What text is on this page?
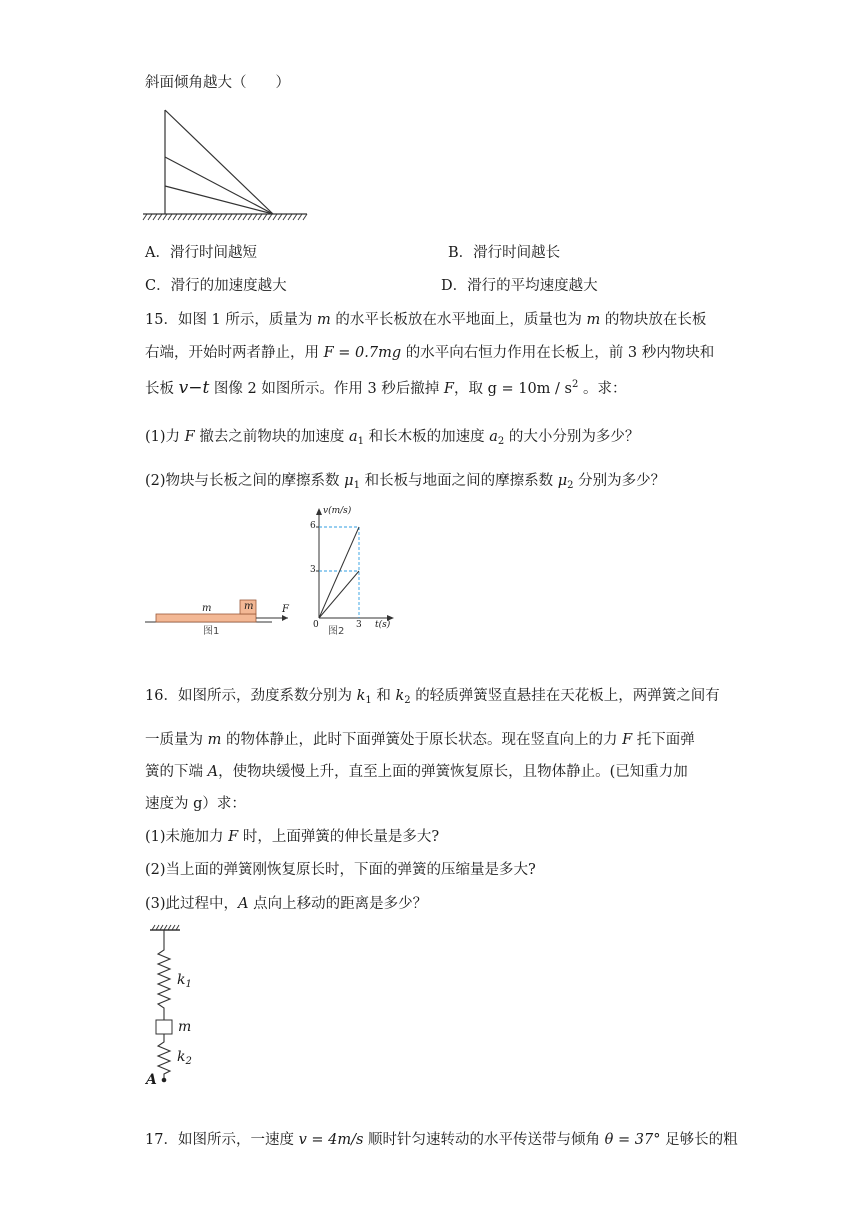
斜面倾角越大（　　）
A．滑行时间越短	B．滑行时间越长
C．滑行的加速度越大	D．滑行的平均速度越大
15．如图 1 所示，质量为 m 的水平长板放在水平地面上，质量也为 m 的物块放在长板
右端，开始时两者静止，用 F = 0.7mg 的水平向右恒力作用在长板上，前 3 秒内物块和
长板 v−t 图像 2 如图所示。作用 3 秒后撤掉 F，取 $g = 10m / s^2$ 。求：
(1)力 F 撤去之前物块的加速度 $a_1$ 和长木板的加速度 $a_2$ 的大小分别为多少？
(2)物块与长板之间的摩擦系数 $\mu_1$ 和长板与地面之间的摩擦系数 $\mu_2$ 分别为多少？
m	m	F
图1
v(m/s)
6
3
0	3 t(s)
图2
16．如图所示，劲度系数分别为 $k_1$ 和 $k_2$ 的轻质弹簧竖直悬挂在天花板上，两弹簧之间有
一质量为 m 的物体静止，此时下面弹簧处于原长状态。现在竖直向上的力 F 托下面弹
簧的下端 A，使物块缓慢上升，直至上面的弹簧恢复原长，且物体静止。(已知重力加
速度为 g）求：
(1)未施加力 F 时，上面弹簧的伸长量是多大?
(2)当上面的弹簧刚恢复原长时，下面的弹簧的压缩量是多大?
(3)此过程中，A 点向上移动的距离是多少？
$k_1$
m
$k_2$
A
17．如图所示，一速度 v = 4m/s 顺时针匀速转动的水平传送带与倾角 θ = 37° 足够长的粗
